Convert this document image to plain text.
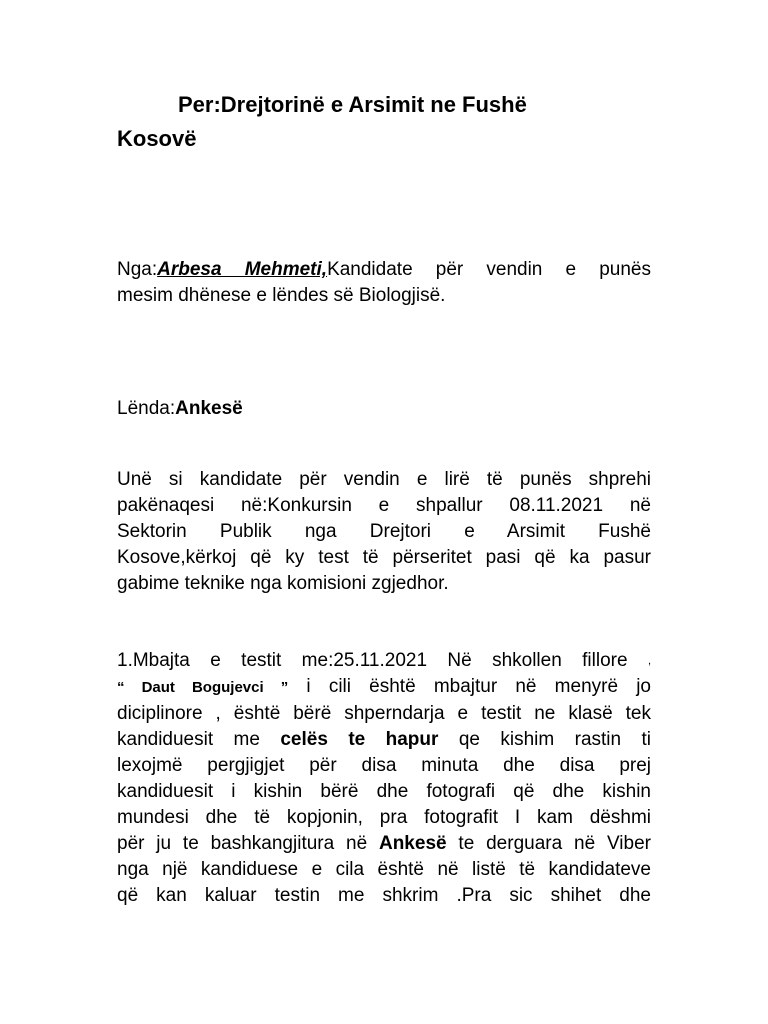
Per:Drejtorinë e Arsimit ne Fushë
Kosovë
Nga:Arbesa Mehmeti,Kandidate për vendin e punës
mesim dhënese e lëndes së Biologjisë.
Lënda:Ankesë
Unë si kandidate për vendin e lirë të punës shprehi
pakënaqesi në:Konkursin e shpallur 08.11.2021 në
Sektorin Publik nga Drejtori e Arsimit Fushë
Kosove,kërkoj që ky test të përseritet pasi që ka pasur
gabime teknike nga komisioni zgjedhor.
1.Mbajta e testit me:25.11.2021 Në shkollen fillore ,
“ Daut Bogujevci ” i cili është mbajtur në menyrë jo
diciplinore , është bërë shperndarja e testit ne klasë tek
kandiduesit me celës te hapur qe kishim rastin ti
lexojmë pergjigjet për disa minuta dhe disa prej
kandiduesit i kishin bërë dhe fotografi që dhe kishin
mundesi dhe të kopjonin, pra fotografit I kam dëshmi
për ju te bashkangjitura në Ankesë te derguara në Viber
nga një kandiduese e cila është në listë të kandidateve
që kan kaluar testin me shkrim .Pra sic shihet dhe
